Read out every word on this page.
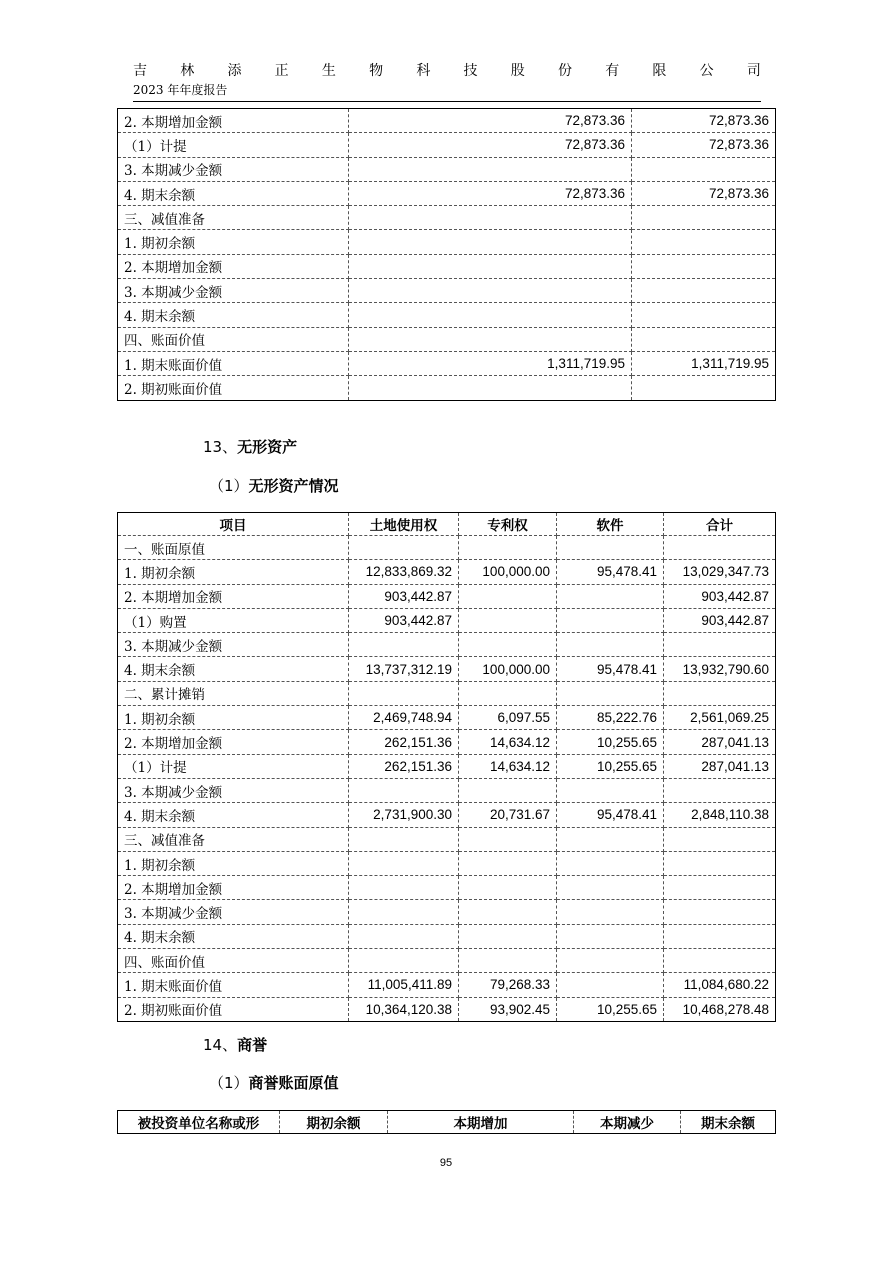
吉 林 添 正 生 物 科 技 股 份 有 限 公 司
2023 年年度报告
2. 本期增加金额	72,873.36	72,873.36
（1）计提	72,873.36	72,873.36
3. 本期减少金额		
4. 期末余额	72,873.36	72,873.36
三、减值准备		
1. 期初余额		
2. 本期增加金额		
3. 本期减少金额		
4. 期末余额		
四、账面价值		
1. 期末账面价值	1,311,719.95	1,311,719.95
2. 期初账面价值		
13、无形资产
（1）无形资产情况
项目	土地使用权	专利权	软件	合计
一、账面原值				
1. 期初余额	12,833,869.32	100,000.00	95,478.41	13,029,347.73
2. 本期增加金额	903,442.87			903,442.87
（1）购置	903,442.87			903,442.87
3. 本期减少金额				
4. 期末余额	13,737,312.19	100,000.00	95,478.41	13,932,790.60
二、累计摊销				
1. 期初余额	2,469,748.94	6,097.55	85,222.76	2,561,069.25
2. 本期增加金额	262,151.36	14,634.12	10,255.65	287,041.13
（1）计提	262,151.36	14,634.12	10,255.65	287,041.13
3. 本期减少金额				
4. 期末余额	2,731,900.30	20,731.67	95,478.41	2,848,110.38
三、减值准备				
1. 期初余额				
2. 本期增加金额				
3. 本期减少金额				
4. 期末余额				
四、账面价值				
1. 期末账面价值	11,005,411.89	79,268.33		11,084,680.22
2. 期初账面价值	10,364,120.38	93,902.45	10,255.65	10,468,278.48
14、商誉
（1）商誉账面原值
被投资单位名称或形	期初余额	本期增加	本期减少	期末余额
95
